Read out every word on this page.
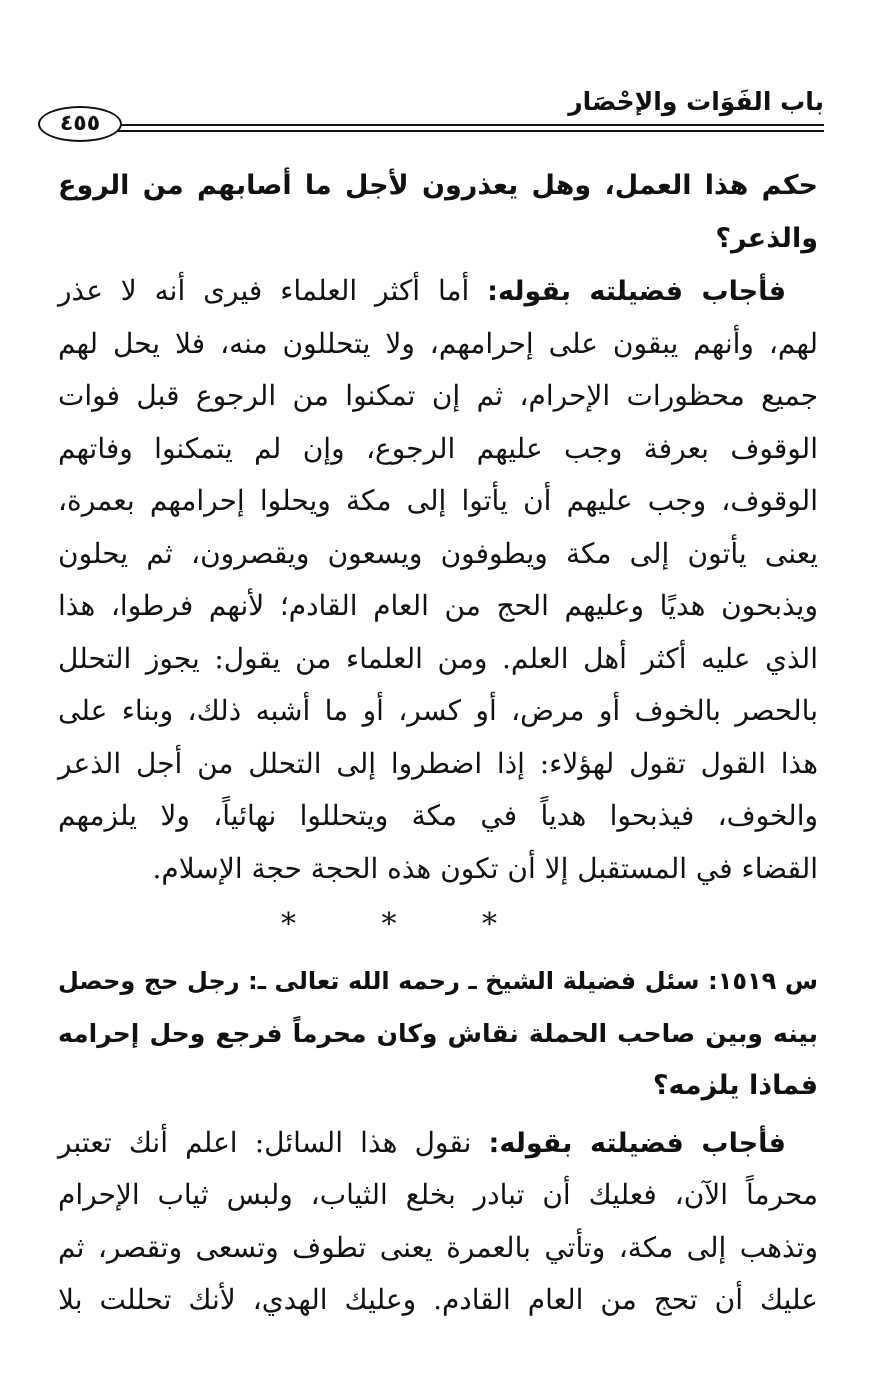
باب الفَوَات والإحْصَار
٤٥٥
حكم هذا العمل، وهل يعذرون لأجل ما أصابهم من الروع
والذعر؟
فأجاب فضيلته بقوله: أما أكثر العلماء فيرى أنه لا عذر
لهم، وأنهم يبقون على إحرامهم، ولا يتحللون منه، فلا يحل لهم
جميع محظورات الإحرام، ثم إن تمكنوا من الرجوع قبل فوات
الوقوف بعرفة وجب عليهم الرجوع، وإن لم يتمكنوا وفاتهم
الوقوف، وجب عليهم أن يأتوا إلى مكة ويحلوا إحرامهم بعمرة،
يعنى يأتون إلى مكة ويطوفون ويسعون ويقصرون، ثم يحلون
ويذبحون هديًا وعليهم الحج من العام القادم؛ لأنهم فرطوا، هذا
الذي عليه أكثر أهل العلم. ومن العلماء من يقول: يجوز التحلل
بالحصر بالخوف أو مرض، أو كسر، أو ما أشبه ذلك، وبناء على
هذا القول تقول لهؤلاء: إذا اضطروا إلى التحلل من أجل الذعر
والخوف، فيذبحوا هدياً في مكة ويتحللوا نهائياً، ولا يلزمهم
القضاء في المستقبل إلا أن تكون هذه الحجة حجة الإسلام.
* * *
س ١٥١٩: سئل فضيلة الشيخ ـ رحمه الله تعالى ـ: رجل حج وحصل
بينه وبين صاحب الحملة نقاش وكان محرماً فرجع وحل إحرامه
فماذا يلزمه؟
فأجاب فضيلته بقوله: نقول هذا السائل: اعلم أنك تعتبر
محرماً الآن، فعليك أن تبادر بخلع الثياب، ولبس ثياب الإحرام
وتذهب إلى مكة، وتأتي بالعمرة يعنى تطوف وتسعى وتقصر، ثم
عليك أن تحج من العام القادم. وعليك الهدي، لأنك تحللت بلا
